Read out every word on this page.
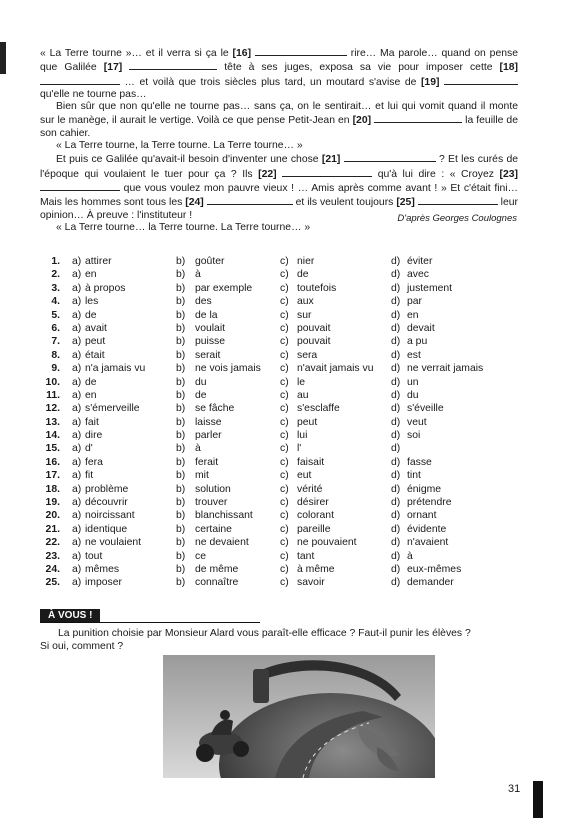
« La Terre tourne »… et il verra si ça le [16]	rire… Ma parole… quand on pense que Galilée [17]	tête à ses juges, exposa sa vie pour imposer cette [18]  … et voilà que trois siècles plus tard, un moutard s'avise de [19]  qu'elle ne tourne pas…

Bien sûr que non qu'elle ne tourne pas… sans ça, on le sentirait… et lui qui vomit quand il monte sur le manège, il aurait le vertige. Voilà ce que pense Petit-Jean en [20]	la feuille de son cahier.

« La Terre tourne, la Terre tourne. La Terre tourne… »

Et puis ce Galilée qu'avait-il besoin d'inventer une chose [21]	? Et les curés de l'époque qui voulaient le tuer pour ça ? Ils [22]	qu'à lui dire : « Croyez [23]  que vous voulez mon pauvre vieux ! … Amis après comme avant ! » Et c'était fini… Mais les hommes sont tous les [24]	et ils veulent toujours [25]	leur opinion… À preuve : l'instituteur !

« La Terre tourne… la Terre tourne. La Terre tourne… »

D'après Georges Coulognes
1. a) attirer	b) goûter	c) nier	d) éviter
2. a) en	b) à	c) de	d) avec
3. a) à propos	b) par exemple	c) toutefois	d) justement
4. a) les	b) des	c) aux	d) par
5. a) de	b) de la	c) sur	d) en
6. a) avait	b) voulait	c) pouvait	d) devait
7. a) peut	b) puisse	c) pouvait	d) a pu
8. a) était	b) serait	c) sera	d) est
9. a) n'a jamais vu	b) ne vois jamais c) n'avait jamais vu d) ne verrait jamais
10. a) de	b) du	c) le	d) un
11. a) en	b) de	c) au	d) du
12. a) s'émerveille	b) se fâche	c) s'esclaffe	d) s'éveille
13. a) fait	b) laisse	c) peut	d) veut
14. a) dire	b) parler	c) lui	d) soi
15. a) d'	b) à	c) l'	d)
16. a) fera	b) ferait	c) faisait	d) fasse
17. a) fit	b) mit	c) eut	d) tint
18. a) problème	b) solution	c) vérité	d) énigme
19. a) découvrir	b) trouver	c) désirer	d) prétendre
20. a) noircissant	b) blanchissant	c) colorant	d) ornant
21. a) identique	b) certaine	c) pareille	d) évidente
22. a) ne voulaient	b) ne devaient	c) ne pouvaient	d) n'avaient
23. a) tout	b) ce	c) tant	d) à
24. a) mêmes	b) de même	c) à même	d) eux-mêmes
25. a) imposer	b) connaître	c) savoir	d) demander
À VOUS !

La punition choisie par Monsieur Alard vous paraît-elle efficace ? Faut-il punir les élèves ?

Si oui, comment ?

31
